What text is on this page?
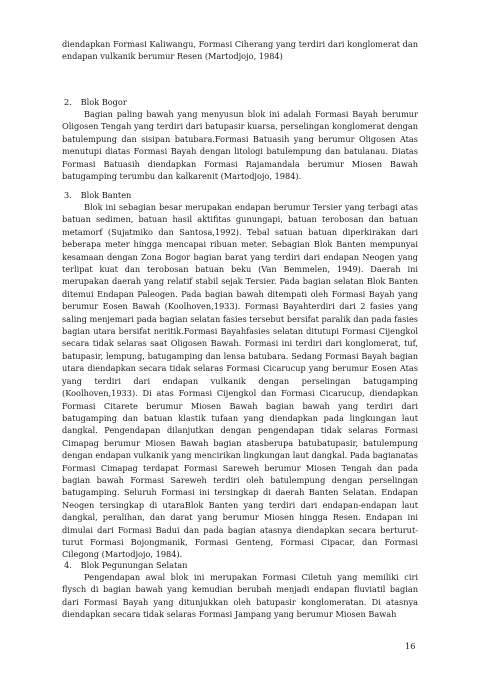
diendapkan Formasi Kaliwangu, Formasi Ciherang yang terdiri dari konglomerat dan endapan vulkanik berumur Resen (Martodjojo, 1984)

2. Blok Bogor

Bagian paling bawah yang menyusun blok ini adalah Formasi Bayah berumur Oligosen Tengah yang terdiri dari batupasir kuarsa, perselingan konglomerat dengan batulempung dan sisipan batubara.Formasi Batuasih yang berumur Oligosen Atas menutupi diatas Formasi Bayah dengan litologi batulempung dan batulanau. Diatas Formasi Batuasih diendapkan Formasi Rajamandala berumur Miosen Bawah batugamping terumbu dan kalkarenit (Martodjojo, 1984).

3. Blok Banten

Blok ini sebagian besar merupakan endapan berumur Tersier yang terbagi atas batuan sedimen, batuan hasil aktifitas gunungapi, batuan terobosan dan batuan metamorf (Sujatmiko dan Santosa,1992). Tebal satuan batuan diperkirakan dari beberapa meter hingga mencapai ribuan meter. Sebagian Blok Banten mempunyai kesamaan dengan Zona Bogor bagian barat yang terdiri dari endapan Neogen yang terlipat kuat dan terobosan batuan beku (Van Bemmelen, 1949). Daerah ini merupakan daerah yang relatif stabil sejak Tersier. Pada bagian selatan Blok Banten ditemui Endapan Paleogen. Pada bagian bawah ditempati oleh Formasi Bayah yang berumur Eosen Bawah (Koolhoven,1933). Formasi Bayahterdiri dari 2 fasies yang saling menjemari pada bagian selatan fasies tersebut bersifat paralik dan pada fasies bagian utara bersifat neritik.Formasi Bayahfasies selatan ditutupi Formasi Cijengkol secara tidak selaras saat Oligosen Bawah. Formasi ini terdiri dari konglomerat, tuf, batupasir, lempung, batugamping dan lensa batubara. Sedang Formasi Bayah bagian utara diendapkan secara tidak selaras Formasi Cicarucup yang berumur Eosen Atas yang terdiri dari endapan vulkanik dengan perselingan batugamping (Koolhoven,1933). Di atas Formasi Cijengkol dan Formasi Cicarucup, diendapkan Formasi Citarete berumur Miosen Bawah bagian bawah yang terdiri dari batugamping dan batuan klastik tufaan yang diendapkan pada lingkungan laut dangkal. Pengendapan dilanjutkan dengan pengendapan tidak selaras Formasi Cimapag berumur Miosen Bawah bagian atasberupa batubatupasir, batulempung dengan endapan vulkanik yang mencirikan lingkungan laut dangkal. Pada bagianatas Formasi Cimapag terdapat Formasi Sareweh berumur Miosen Tengah dan pada bagian bawah Formasi Sareweh terdiri oleh batulempung dengan perselingan batugamping. Seluruh Formasi ini tersingkap di daerah Banten Selatan. Endapan Neogen tersingkap di utaraBlok Banten yang terdiri dari endapan-endapan laut dangkal, peralihan, dan darat yang berumur Miosen hingga Resen. Endapan ini dimulai dari Formasi Badui dan pada bagian atasnya diendapkan secara berturut-turut Formasi Bojongmanik, Formasi Genteng, Formasi Cipacar, dan Formasi Cilegong (Martodjojo, 1984).

4. Blok Pegunungan Selatan

Pengendapan awal blok ini merupakan Formasi Ciletuh yang memiliki ciri flysch di bagian bawah yang kemudian berubah menjadi endapan fluviatil bagian dari Formasi Bayah yang ditunjukkan oleh batupasir konglomeratan. Di atasnya diendapkan secara tidak selaras Formasi Jampang yang berumur Miosen Bawah

16
